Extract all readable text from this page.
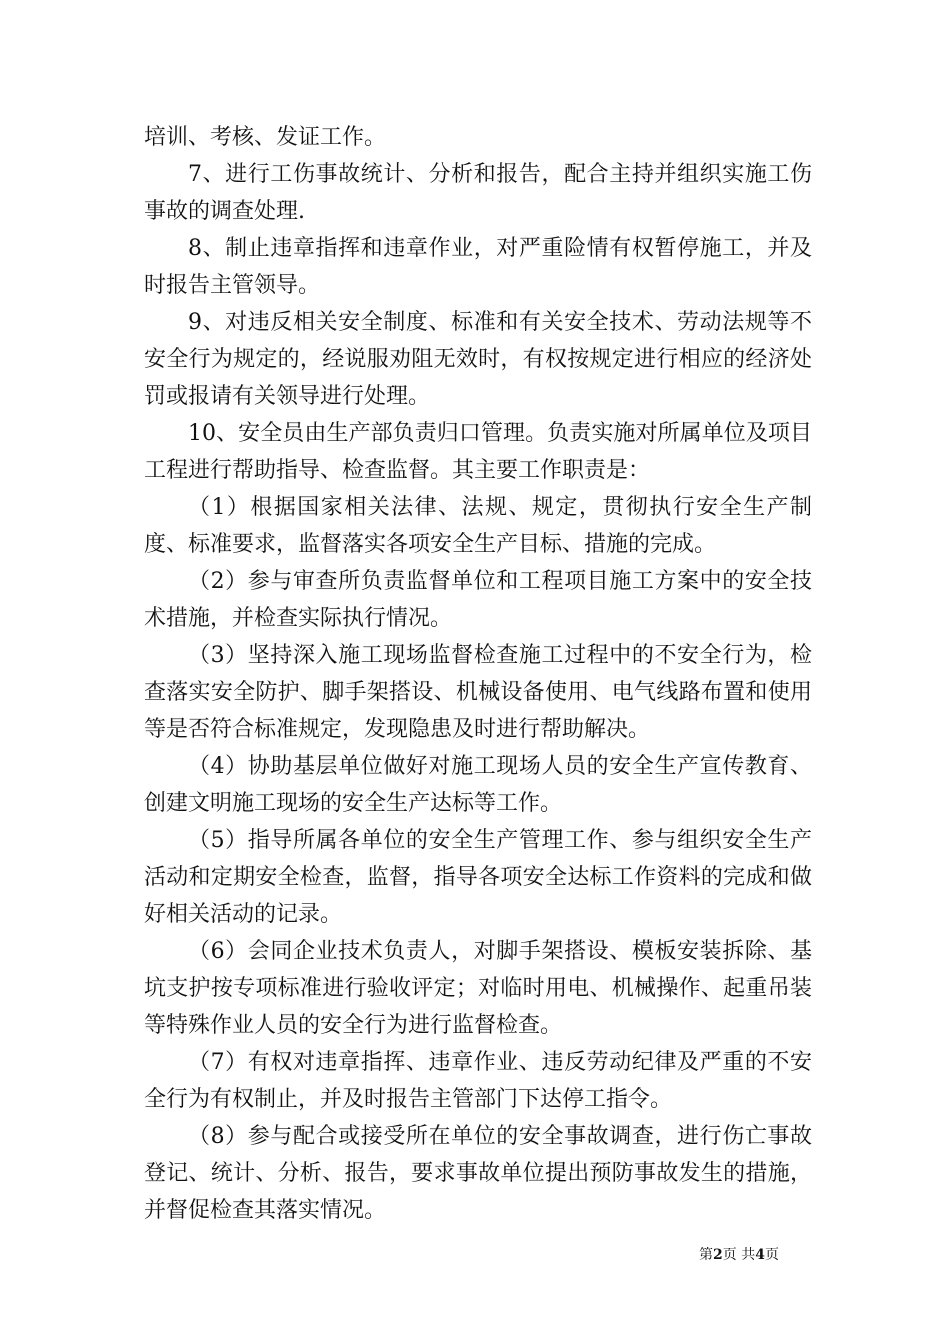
培训、考核、发证工作。

7、进行工伤事故统计、分析和报告，配合主持并组织实施工伤事故的调查处理.

8、制止违章指挥和违章作业，对严重险情有权暂停施工，并及时报告主管领导。

9、对违反相关安全制度、标准和有关安全技术、劳动法规等不安全行为规定的，经说服劝阻无效时，有权按规定进行相应的经济处罚或报请有关领导进行处理。

10、安全员由生产部负责归口管理。负责实施对所属单位及项目工程进行帮助指导、检查监督。其主要工作职责是：

（1）根据国家相关法律、法规、规定，贯彻执行安全生产制度、标准要求，监督落实各项安全生产目标、措施的完成。

（2）参与审查所负责监督单位和工程项目施工方案中的安全技术措施，并检查实际执行情况。

（3）坚持深入施工现场监督检查施工过程中的不安全行为，检查落实安全防护、脚手架搭设、机械设备使用、电气线路布置和使用等是否符合标准规定，发现隐患及时进行帮助解决。

（4）协助基层单位做好对施工现场人员的安全生产宣传教育、创建文明施工现场的安全生产达标等工作。

（5）指导所属各单位的安全生产管理工作、参与组织安全生产活动和定期安全检查，监督，指导各项安全达标工作资料的完成和做好相关活动的记录。

（6）会同企业技术负责人，对脚手架搭设、模板安装拆除、基坑支护按专项标准进行验收评定；对临时用电、机械操作、起重吊装等特殊作业人员的安全行为进行监督检查。

（7）有权对违章指挥、违章作业、违反劳动纪律及严重的不安全行为有权制止，并及时报告主管部门下达停工指令。

（8）参与配合或接受所在单位的安全事故调查，进行伤亡事故登记、统计、分析、报告，要求事故单位提出预防事故发生的措施，并督促检查其落实情况。

第2页 共4页
